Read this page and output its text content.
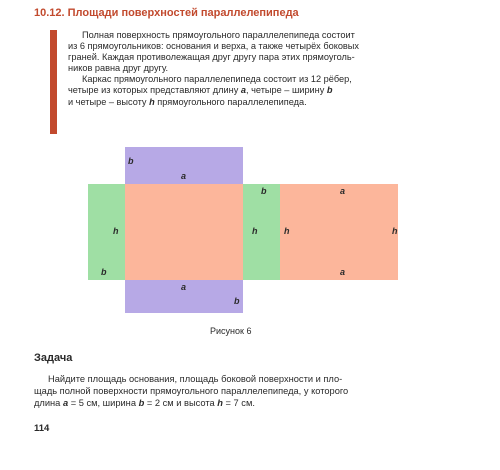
10.12. Площади поверхностей параллелепипеда
Полная поверхность прямоугольного параллелепипеда состоит
из 6 прямоугольников: основания и верха, а также четырёх боковых
граней. Каждая противолежащая друг другу пара этих прямоуголь-
ников равна друг другу.
Каркас прямоугольного параллелепипеда состоит из 12 рёбер,
четыре из которых представляют длину a, четыре – ширину b
и четыре – высоту h прямоугольного параллелепипеда.
b
a
h
b
h
b
h
a
h
a
a
b
Рисунок 6
Задача
Найдите площадь основания, площадь боковой поверхности и пло-
щадь полной поверхности прямоугольного параллелепипеда, у которого
длина a = 5 см, ширина b = 2 см и высота h = 7 см.
114
